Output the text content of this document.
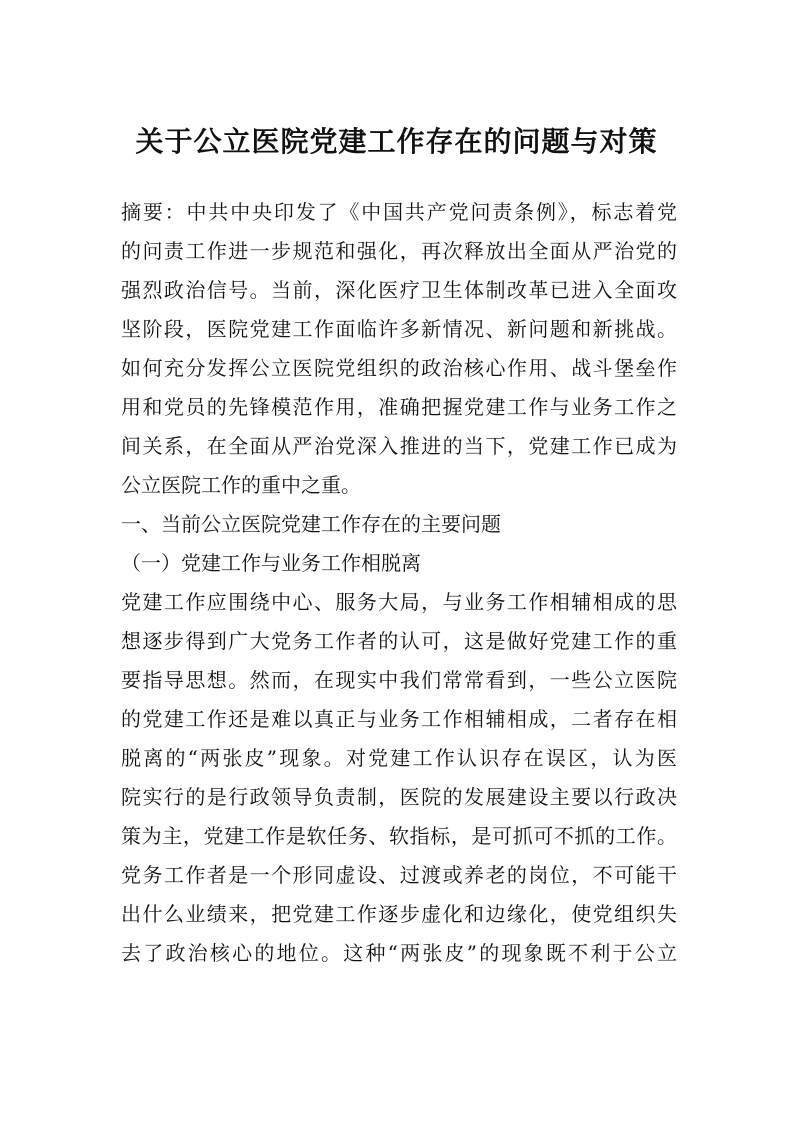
关于公立医院党建工作存在的问题与对策
摘要：中共中央印发了《中国共产党问责条例》，标志着党
的问责工作进一步规范和强化，再次释放出全面从严治党的
强烈政治信号。当前，深化医疗卫生体制改革已进入全面攻
坚阶段，医院党建工作面临许多新情况、新问题和新挑战。
如何充分发挥公立医院党组织的政治核心作用、战斗堡垒作
用和党员的先锋模范作用，准确把握党建工作与业务工作之
间关系，在全面从严治党深入推进的当下，党建工作已成为
公立医院工作的重中之重。
一、当前公立医院党建工作存在的主要问题
（一）党建工作与业务工作相脱离
党建工作应围绕中心、服务大局，与业务工作相辅相成的思
想逐步得到广大党务工作者的认可，这是做好党建工作的重
要指导思想。然而，在现实中我们常常看到，一些公立医院
的党建工作还是难以真正与业务工作相辅相成，二者存在相
脱离的“两张皮”现象。对党建工作认识存在误区，认为医
院实行的是行政领导负责制，医院的发展建设主要以行政决
策为主，党建工作是软任务、软指标，是可抓可不抓的工作。
党务工作者是一个形同虚设、过渡或养老的岗位，不可能干
出什么业绩来，把党建工作逐步虚化和边缘化，使党组织失
去了政治核心的地位。这种“两张皮”的现象既不利于公立
